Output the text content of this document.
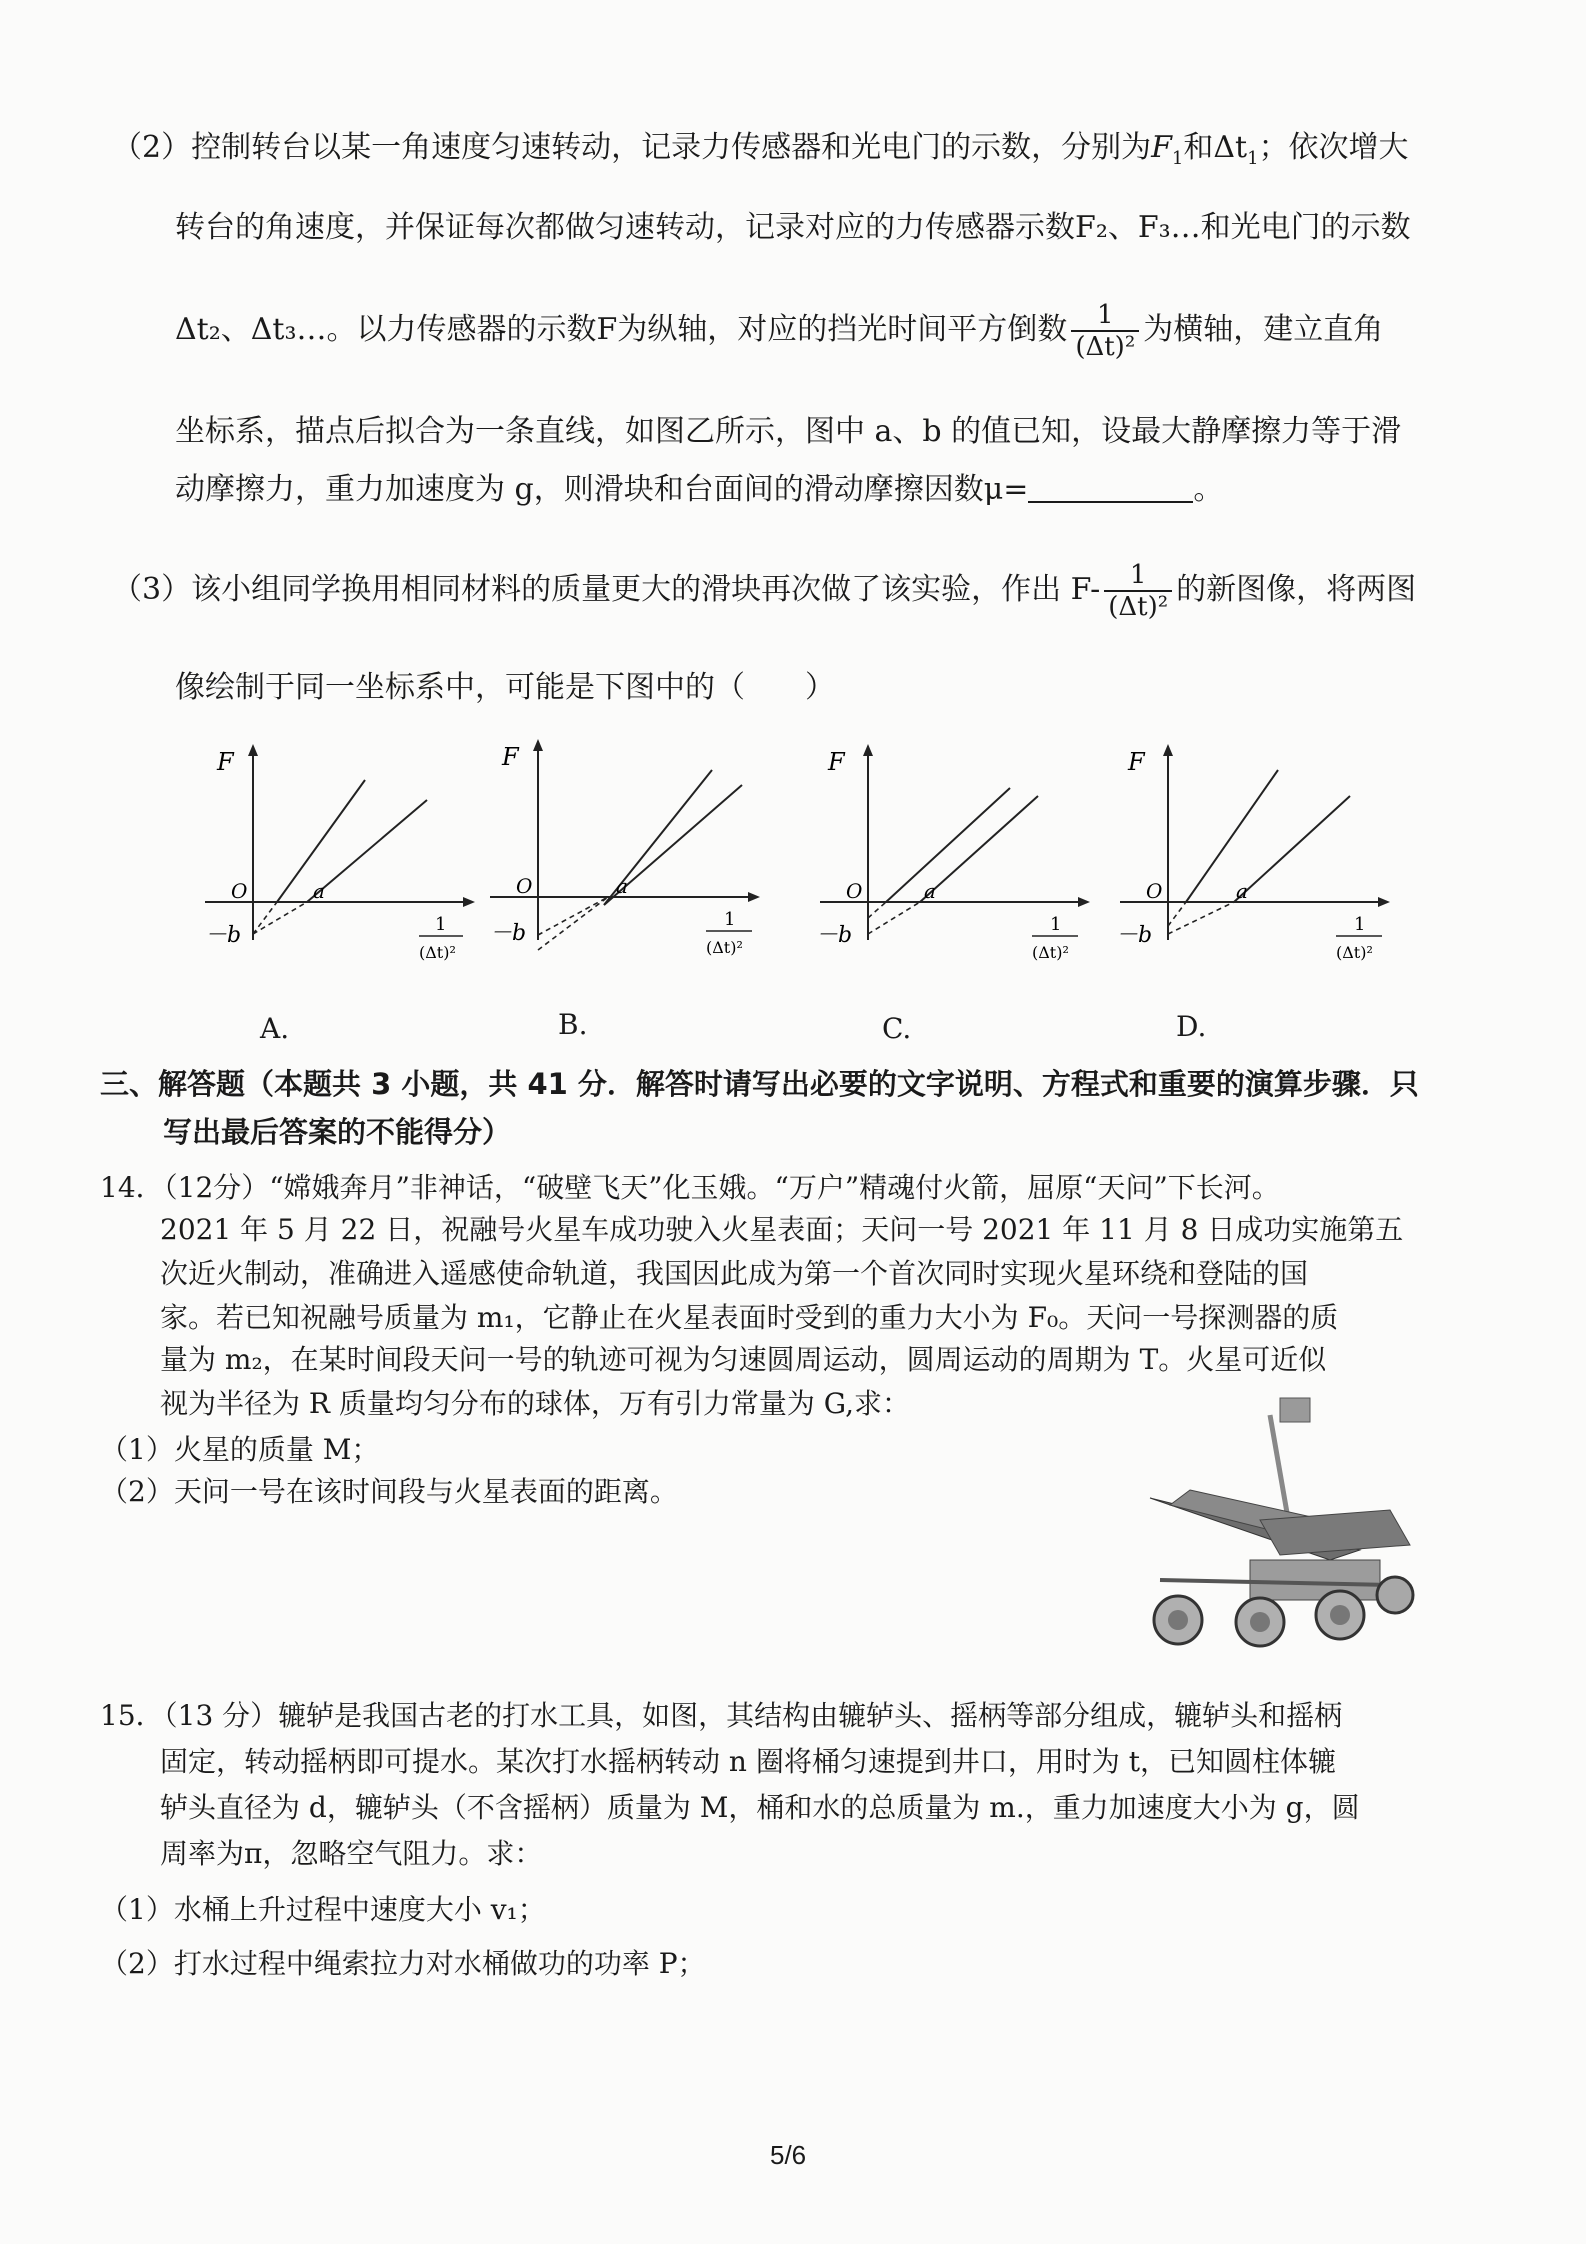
（2）控制转台以某一角速度匀速转动，记录力传感器和光电门的示数，分别为$F_1$和$\Delta t_1$；依次增大
转台的角速度，并保证每次都做匀速转动，记录对应的力传感器示数F₂、F₃…和光电门的示数
Δt₂、Δt₃…。以力传感器的示数F为纵轴，对应的挡光时间平方倒数 $\frac{1}{\text{(Δt)²}}$ 为横轴，建立直角
坐标系，描点后拟合为一条直线，如图乙所示，图中 a、b 的值已知，设最大静摩擦力等于滑
动摩擦力，重力加速度为 g，则滑块和台面间的滑动摩擦因数μ=	。
（3）该小组同学换用相同材料的质量更大的滑块再次做了该实验，作出 $F- \frac{1}{\text{(Δt)²}}$ 的新图像，将两图
像绘制于同一坐标系中，可能是下图中的（　　）
F
O	a
－b	1
(Δt)²
F
O	a
－b
1
(Δt)²
F
O	a
－b	1
(Δt)²
F
O	a
－b	1
(Δt)²
A.	B.	C.	D.
三、解答题（本题共 3 小题，共 41 分．解答时请写出必要的文字说明、方程式和重要的演算步骤．只
写出最后答案的不能得分）
14．（12分）“嫦娥奔月”非神话，“破壁飞天”化玉娥。“万户”精魂付火箭，屈原“天问”下长河。
2021 年 5 月 22 日，祝融号火星车成功驶入火星表面；天问一号 2021 年 11 月 8 日成功实施第五
次近火制动，准确进入遥感使命轨道，我国因此成为第一个首次同时实现火星环绕和登陆的国
家。若已知祝融号质量为 m₁，它静止在火星表面时受到的重力大小为 F₀。天问一号探测器的质
量为 m₂，在某时间段天问一号的轨迹可视为匀速圆周运动，圆周运动的周期为 T。火星可近似
视为半径为 R 质量均匀分布的球体，万有引力常量为 G,求：
（1）火星的质量 M；
（2）天问一号在该时间段与火星表面的距离。
15．（13 分）辘轳是我国古老的打水工具，如图，其结构由辘轳头、摇柄等部分组成，辘轳头和摇柄
固定，转动摇柄即可提水。某次打水摇柄转动 n 圈将桶匀速提到井口，用时为 t，已知圆柱体辘
轳头直径为 d，辘轳头（不含摇柄）质量为 M，桶和水的总质量为 m.，重力加速度大小为 g，圆
周率为π，忽略空气阻力。求：
（1）水桶上升过程中速度大小 v₁；
（2）打水过程中绳索拉力对水桶做功的功率 P；
5/6
